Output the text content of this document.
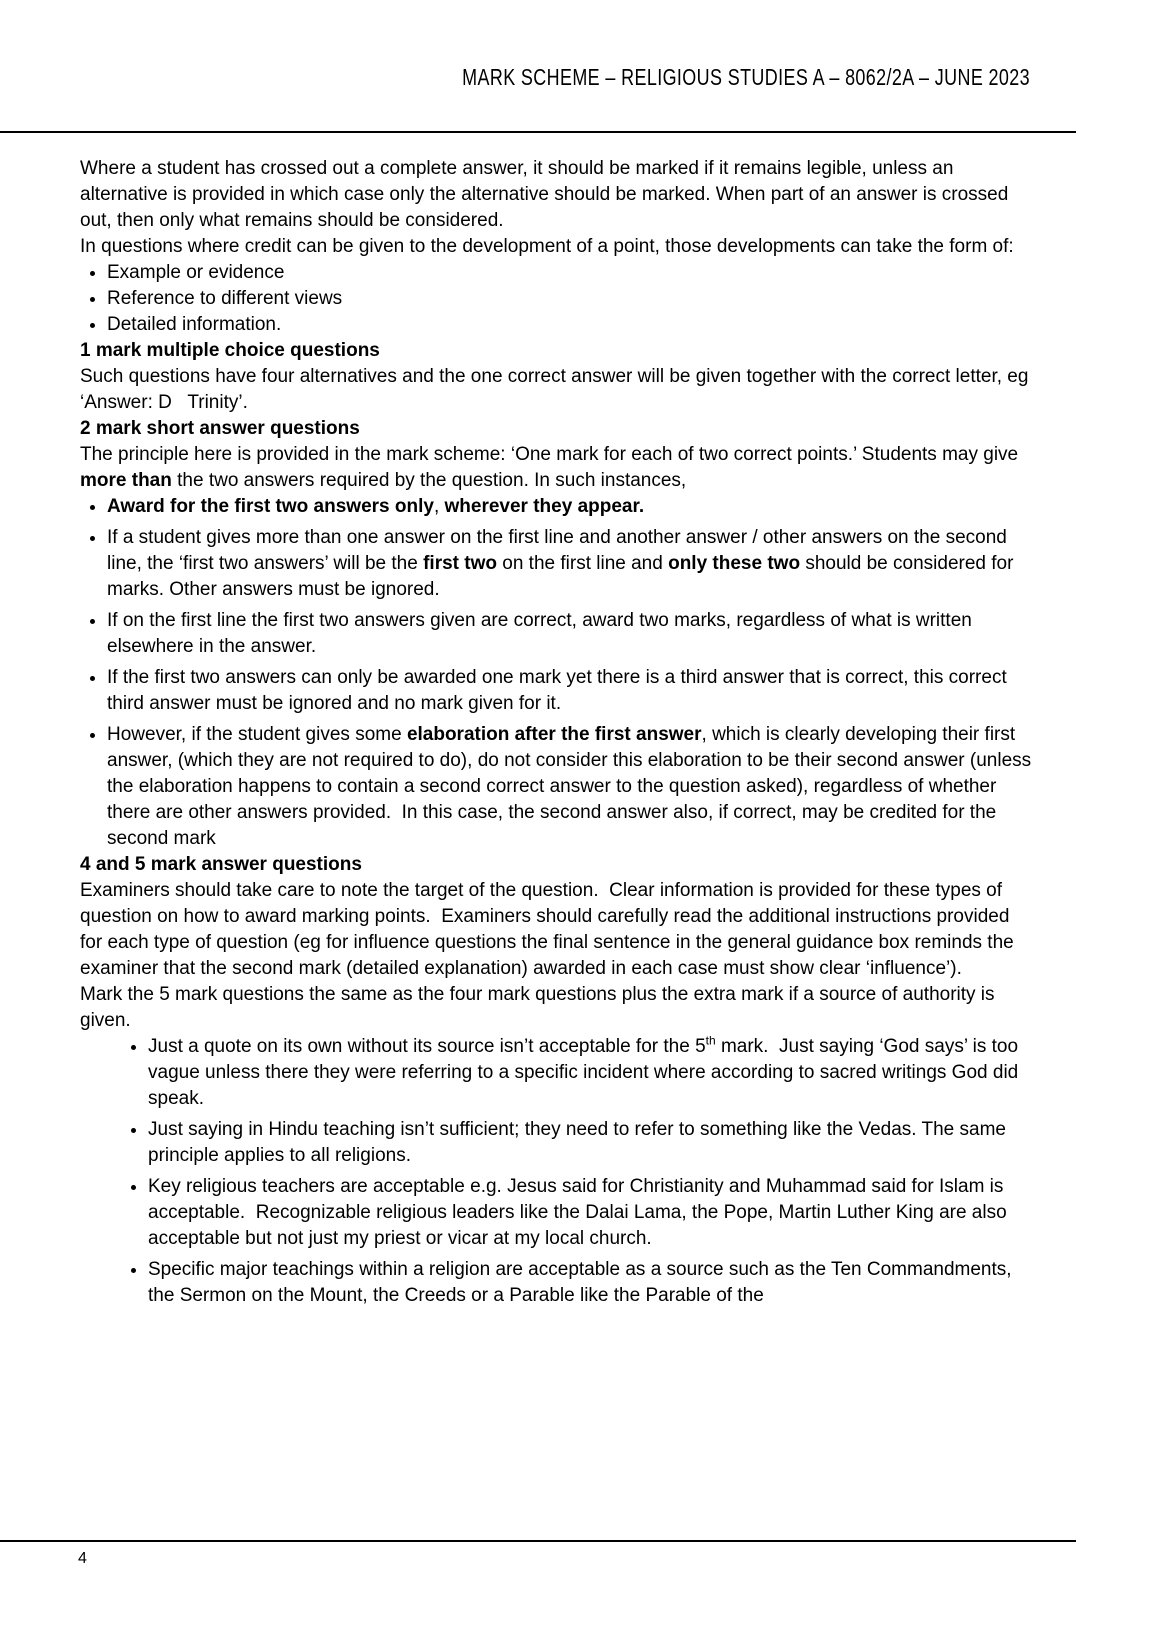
MARK SCHEME – RELIGIOUS STUDIES A – 8062/2A – JUNE 2023

Where a student has crossed out a complete answer, it should be marked if it remains legible, unless an alternative is provided in which case only the alternative should be marked. When part of an answer is crossed out, then only what remains should be considered.

In questions where credit can be given to the development of a point, those developments can take the form of:

• Example or evidence
• Reference to different views
• Detailed information.
1 mark multiple choice questions

Such questions have four alternatives and the one correct answer will be given together with the correct letter, eg ‘Answer: D   Trinity’.

2 mark short answer questions

The principle here is provided in the mark scheme: ‘One mark for each of two correct points.’ Students may give more than the two answers required by the question. In such instances,

• Award for the first two answers only, wherever they appear.
• If a student gives more than one answer on the first line and another answer / other answers on the second line, the ‘first two answers’ will be the first two on the first line and only these two should be considered for marks. Other answers must be ignored.
• If on the first line the first two answers given are correct, award two marks, regardless of what is written elsewhere in the answer.
• If the first two answers can only be awarded one mark yet there is a third answer that is correct, this correct third answer must be ignored and no mark given for it.
• However, if the student gives some elaboration after the first answer, which is clearly developing their first answer, (which they are not required to do), do not consider this elaboration to be their second answer (unless the elaboration happens to contain a second correct answer to the question asked), regardless of whether there are other answers provided.  In this case, the second answer also, if correct, may be credited for the second mark
4 and 5 mark answer questions

Examiners should take care to note the target of the question.  Clear information is provided for these types of question on how to award marking points.  Examiners should carefully read the additional instructions provided for each type of question (eg for influence questions the final sentence in the general guidance box reminds the examiner that the second mark (detailed explanation) awarded in each case must show clear ‘influence’).

Mark the 5 mark questions the same as the four mark questions plus the extra mark if a source of authority is given.

• Just a quote on its own without its source isn’t acceptable for the 5th mark.  Just saying ‘God says’ is too vague unless there they were referring to a specific incident where according to sacred writings God did speak.
• Just saying in Hindu teaching isn’t sufficient; they need to refer to something like the Vedas. The same principle applies to all religions.
• Key religious teachers are acceptable e.g. Jesus said for Christianity and Muhammad said for Islam is acceptable.  Recognizable religious leaders like the Dalai Lama, the Pope, Martin Luther King are also acceptable but not just my priest or vicar at my local church.
• Specific major teachings within a religion are acceptable as a source such as the Ten Commandments, the Sermon on the Mount, the Creeds or a Parable like the Parable of the
4
